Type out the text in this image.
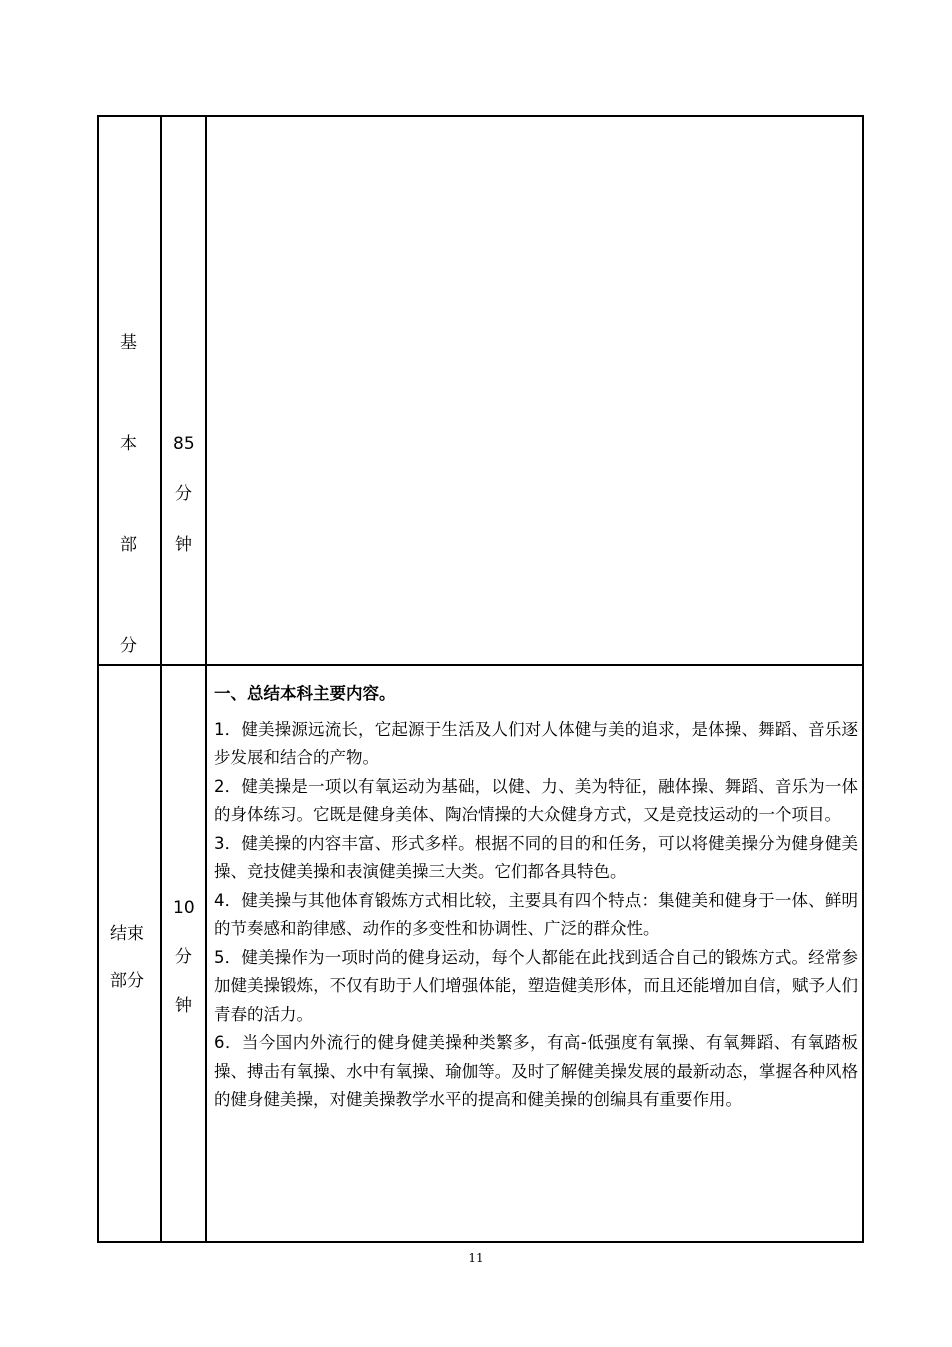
基
本
部
分
85
分
钟
结束
部分
10
分
钟
一、总结本科主要内容。

1．健美操源远流长，它起源于生活及人们对人体健与美的追求，是体操、舞蹈、音乐逐步发展和结合的产物。

2．健美操是一项以有氧运动为基础，以健、力、美为特征，融体操、舞蹈、音乐为一体的身体练习。它既是健身美体、陶冶情操的大众健身方式，又是竞技运动的一个项目。

3．健美操的内容丰富、形式多样。根据不同的目的和任务，可以将健美操分为健身健美操、竞技健美操和表演健美操三大类。它们都各具特色。

4．健美操与其他体育锻炼方式相比较，主要具有四个特点：集健美和健身于一体、鲜明的节奏感和韵律感、动作的多变性和协调性、广泛的群众性。

5．健美操作为一项时尚的健身运动，每个人都能在此找到适合自己的锻炼方式。经常参加健美操锻炼，不仅有助于人们增强体能，塑造健美形体，而且还能增加自信，赋予人们青春的活力。

6．当今国内外流行的健身健美操种类繁多，有高-低强度有氧操、有氧舞蹈、有氧踏板操、搏击有氧操、水中有氧操、瑜伽等。及时了解健美操发展的最新动态，掌握各种风格的健身健美操，对健美操教学水平的提高和健美操的创编具有重要作用。

11
